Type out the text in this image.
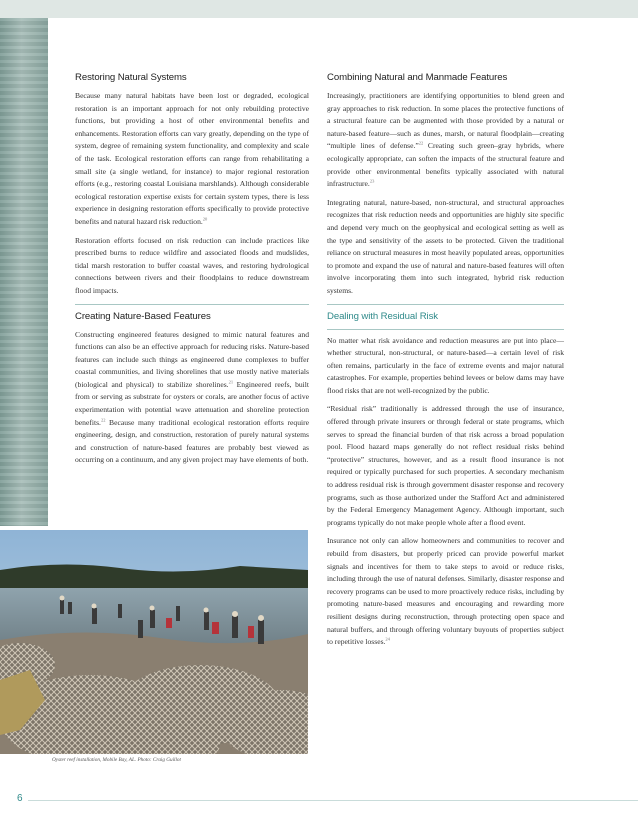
Restoring Natural Systems

Because many natural habitats have been lost or degraded, ecological restoration is an important approach for not only rebuilding protective functions, but providing a host of other environmental benefits and enhancements. Restoration efforts can vary greatly, depending on the type of system, degree of remaining system functionality, and complexity and scale of the task. Ecological restoration efforts can range from rehabilitating a small site (a single wetland, for instance) to major regional restoration efforts (e.g., restoring coastal Louisiana marshlands). Although considerable ecological restoration expertise exists for certain system types, there is less experience in designing restoration efforts specifically to provide protective benefits and natural hazard risk reduction.$^{20}$

Restoration efforts focused on risk reduction can include practices like prescribed burns to reduce wildfire and associated floods and mudslides, tidal marsh restoration to buffer coastal waves, and restoring hydrological connections between rivers and their floodplains to reduce downstream flood impacts.

Creating Nature-Based Features

Constructing engineered features designed to mimic natural features and functions can also be an effective approach for reducing risks. Nature-based features can include such things as engineered dune complexes to buffer coastal communities, and living shorelines that use mostly native materials (biological and physical) to stabilize shorelines.$^{21}$ Engineered reefs, built from or serving as substrate for oysters or corals, are another focus of active experimentation with potential wave attenuation and shoreline protection benefits.$^{22}$ Because many traditional ecological restoration efforts require engineering, design, and construction, restoration of purely natural systems and construction of nature-based features are probably best viewed as occurring on a continuum, and any given project may have elements of both.

Combining Natural and Manmade Features

Increasingly, practitioners are identifying opportunities to blend green and gray approaches to risk reduction. In some places the protective functions of a structural feature can be augmented with those provided by a natural or nature-based feature—such as dunes, marsh, or natural floodplain—creating “multiple lines of defense.”$^{22}$ Creating such green–gray hybrids, where ecologically appropriate, can soften the impacts of the structural feature and provide other environmental benefits typically associated with natural infrastructure.$^{23}$

Integrating natural, nature-based, non-structural, and structural approaches recognizes that risk reduction needs and opportunities are highly site specific and depend very much on the geophysical and ecological setting as well as the type and sensitivity of the assets to be protected. Given the traditional reliance on structural measures in most heavily populated areas, opportunities to promote and expand the use of natural and nature-based features will often involve incorporating them into such integrated, hybrid risk reduction systems.

Dealing with Residual Risk

No matter what risk avoidance and reduction measures are put into place—whether structural, non-structural, or nature-based—a certain level of risk often remains, particularly in the face of extreme events and major natural catastrophes. For example, properties behind levees or below dams may have flood risks that are not well-recognized by the public.

“Residual risk” traditionally is addressed through the use of insurance, offered through private insurers or through federal or state programs, which serves to spread the financial burden of that risk across a broad population pool. Flood hazard maps generally do not reflect residual risks behind “protective” structures, however, and as a result flood insurance is not required or typically purchased for such properties. A secondary mechanism to address residual risk is through government disaster response and recovery programs, such as those authorized under the Stafford Act and administered by the Federal Emergency Management Agency. Although important, such programs typically do not make people whole after a flood event.

Insurance not only can allow homeowners and communities to recover and rebuild from disasters, but properly priced can provide powerful market signals and incentives for them to take steps to avoid or reduce risks, including through the use of natural defenses. Similarly, disaster response and recovery programs can be used to more proactively reduce risks, including by promoting nature-based measures and encouraging and rewarding more resilient designs during reconstruction, through protecting open space and natural buffers, and through offering voluntary buyouts of properties subject to repetitive losses.$^{24}$

Oyster reef installation, Mobile Bay, AL. Photo: Craig Guillot
6
